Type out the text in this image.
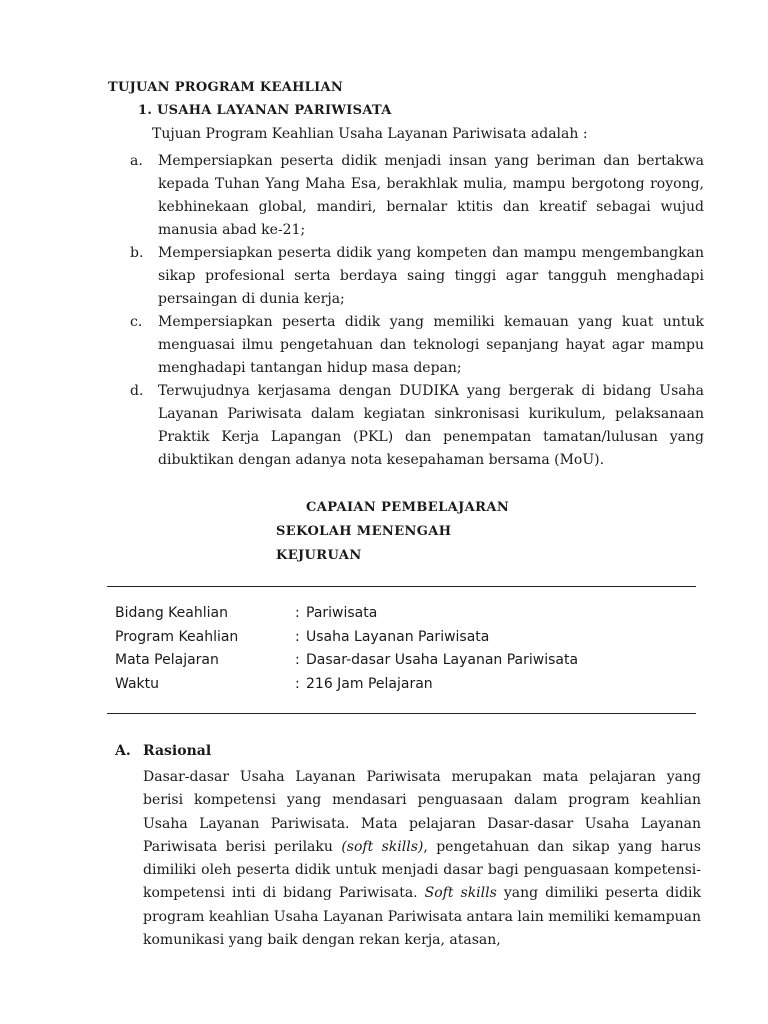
TUJUAN PROGRAM KEAHLIAN
1. USAHA LAYANAN PARIWISATA
Tujuan Program Keahlian Usaha Layanan Pariwisata adalah :
a. Mempersiapkan peserta didik menjadi insan yang beriman dan bertakwa kepada Tuhan Yang Maha Esa, berakhlak mulia, mampu bergotong royong, kebhinekaan global, mandiri, bernalar ktitis dan kreatif sebagai wujud manusia abad ke-21;
b. Mempersiapkan peserta didik yang kompeten dan mampu mengembangkan sikap profesional serta berdaya saing tinggi agar tangguh menghadapi persaingan di dunia kerja;
c. Mempersiapkan peserta didik yang memiliki kemauan yang kuat untuk menguasai ilmu pengetahuan dan teknologi sepanjang hayat agar mampu menghadapi tantangan hidup masa depan;
d. Terwujudnya kerjasama dengan DUDIKA yang bergerak di bidang Usaha Layanan Pariwisata dalam kegiatan sinkronisasi kurikulum, pelaksanaan Praktik Kerja Lapangan (PKL) dan penempatan tamatan/lulusan yang dibuktikan dengan adanya nota kesepahaman bersama (MoU).
CAPAIAN PEMBELAJARAN
SEKOLAH MENENGAH
KEJURUAN
Bidang Keahlian	: Pariwisata
Program Keahlian	: Usaha Layanan Pariwisata
Mata Pelajaran	: Dasar-dasar Usaha Layanan Pariwisata
Waktu	: 216 Jam Pelajaran
A. Rasional
Dasar-dasar Usaha Layanan Pariwisata merupakan mata pelajaran yang berisi kompetensi yang mendasari penguasaan dalam program keahlian Usaha Layanan Pariwisata. Mata pelajaran Dasar-dasar Usaha Layanan Pariwisata berisi perilaku (soft skills), pengetahuan dan sikap yang harus dimiliki oleh peserta didik untuk menjadi dasar bagi penguasaan kompetensi-kompetensi inti di bidang Pariwisata. Soft skills yang dimiliki peserta didik program keahlian Usaha Layanan Pariwisata antara lain memiliki kemampuan komunikasi yang baik dengan rekan kerja, atasan,
